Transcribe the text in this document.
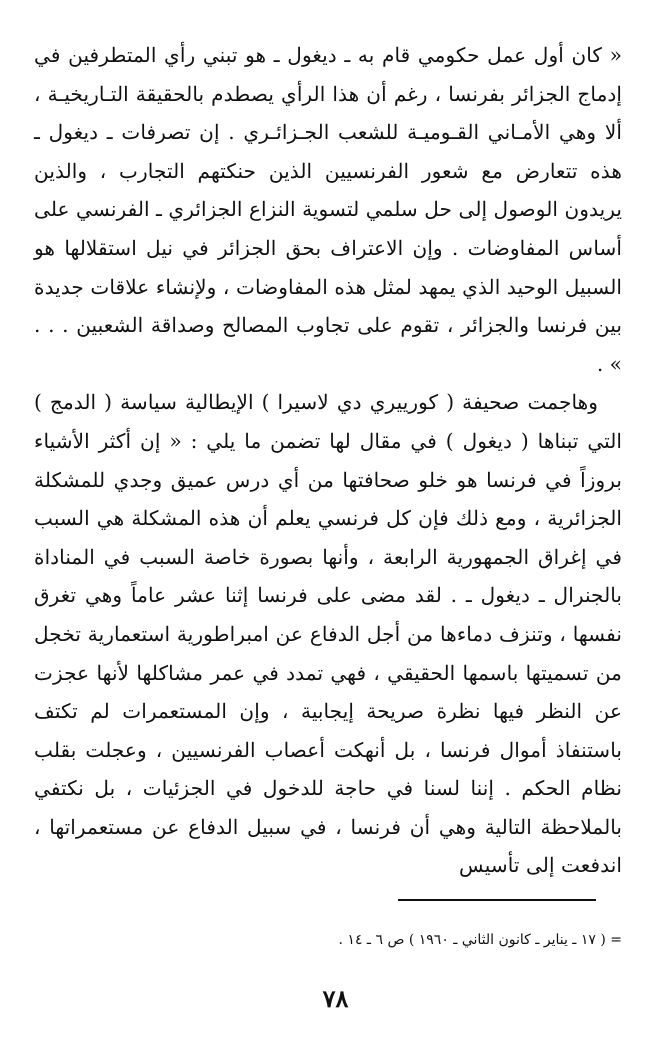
« كان أول عمل حكومي قام به ـ ديغول ـ هو تبني رأي المتطرفين في إدماج الجزائر بفرنسا ، رغم أن هذا الرأي يصطدم بالحقيقة التـاريخيـة ، ألا وهي الأمـاني القـوميـة للشعب الجـزائـري . إن تصرفات ـ ديغول ـ هذه تتعارض مع شعور الفرنسيين الذين حنكتهم التجارب ، والذين يريدون الوصول إلى حل سلمي لتسوية النزاع الجزائري ـ الفرنسي على أساس المفاوضات . وإن الاعتراف بحق الجزائر في نيل استقلالها هو السبيل الوحيد الذي يمهد لمثل هذه المفاوضات ، ولإنشاء علاقات جديدة بين فرنسا والجزائر ، تقوم على تجاوب المصالح وصداقة الشعبين . . . » .

وهاجمت صحيفة ( كورييري دي لاسيرا ) الإيطالية سياسة ( الدمج ) التي تبناها ( ديغول ) في مقال لها تضمن ما يلي : « إن أكثر الأشياء بروزاً في فرنسا هو خلو صحافتها من أي درس عميق وجدي للمشكلة الجزائرية ، ومع ذلك فإن كل فرنسي يعلم أن هذه المشكلة هي السبب في إغراق الجمهورية الرابعة ، وأنها بصورة خاصة السبب في المناداة بالجنرال ـ ديغول ـ . لقد مضى على فرنسا إثنا عشر عاماً وهي تغرق نفسها ، وتنزف دماءها من أجل الدفاع عن امبراطورية استعمارية تخجل من تسميتها باسمها الحقيقي ، فهي تمدد في عمر مشاكلها لأنها عجزت عن النظر فيها نظرة صريحة إيجابية ، وإن المستعمرات لم تكتف باستنفاذ أموال فرنسا ، بل أنهكت أعصاب الفرنسيين ، وعجلت بقلب نظام الحكم . إننا لسنا في حاجة للدخول في الجزئيات ، بل نكتفي بالملاحظة التالية وهي أن فرنسا ، في سبيل الدفاع عن مستعمراتها ، اندفعت إلى تأسيس

= ( ١٧ ـ يناير ـ كانون الثاني ـ ١٩٦٠ ) ص ٦ ـ ١٤ .

٧٨
